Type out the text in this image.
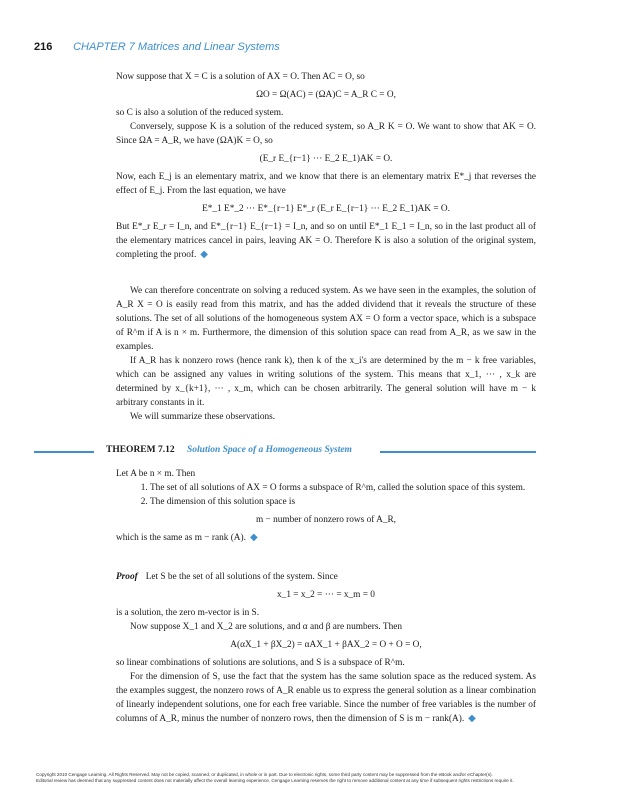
216 CHAPTER 7 Matrices and Linear Systems

Now suppose that X = C is a solution of AX = O. Then AC = O, so

ΩO = Ω(AC) = (ΩA)C = A_R C = O,

so C is also a solution of the reduced system.

Conversely, suppose K is a solution of the reduced system, so A_R K = O. We want to show that AK = O. Since ΩA = A_R, we have (ΩA)K = O, so

(E_r E_{r−1} ··· E_2 E_1)AK = O.

Now, each E_j is an elementary matrix, and we know that there is an elementary matrix E*_j that reverses the effect of E_j. From the last equation, we have

E*_1 E*_2 ··· E*_{r−1} E*_r (E_r E_{r−1} ··· E_2 E_1)AK = O.

But E*_r E_r = I_n, and E*_{r−1} E_{r−1} = I_n, and so on until E*_1 E_1 = I_n, so in the last product all of the elementary matrices cancel in pairs, leaving AK = O. Therefore K is also a solution of the original system, completing the proof. ◆

We can therefore concentrate on solving a reduced system. As we have seen in the examples, the solution of A_R X = O is easily read from this matrix, and has the added dividend that it reveals the structure of these solutions. The set of all solutions of the homogeneous system AX = O form a vector space, which is a subspace of R^m if A is n × m. Furthermore, the dimension of this solution space can read from A_R, as we saw in the examples.

If A_R has k nonzero rows (hence rank k), then k of the x_i's are determined by the m − k free variables, which can be assigned any values in writing solutions of the system. This means that x_1, ··· , x_k are determined by x_{k+1}, ··· , x_m, which can be chosen arbitrarily. The general solution will have m − k arbitrary constants in it.

We will summarize these observations.

THEOREM 7.12 Solution Space of a Homogeneous System

Let A be n × m. Then

1. The set of all solutions of AX = O forms a subspace of R^m, called the solution space of this system.
2. The dimension of this solution space is
m − number of nonzero rows of A_R,

which is the same as m − rank (A). ◆

Proof Let S be the set of all solutions of the system. Since

x_1 = x_2 = ··· = x_m = 0

is a solution, the zero m-vector is in S.

Now suppose X_1 and X_2 are solutions, and α and β are numbers. Then

A(αX_1 + βX_2) = αAX_1 + βAX_2 = O + O = O,

so linear combinations of solutions are solutions, and S is a subspace of R^m.

For the dimension of S, use the fact that the system has the same solution space as the reduced system. As the examples suggest, the nonzero rows of A_R enable us to express the general solution as a linear combination of linearly independent solutions, one for each free variable. Since the number of free variables is the number of columns of A_R, minus the number of nonzero rows, then the dimension of S is m − rank(A). ◆

Copyright 2010 Cengage Learning. All Rights Reserved. May not be copied, scanned, or duplicated, in whole or in part. Due to electronic rights, some third party content may be suppressed from the eBook and/or eChapter(s).
Editorial review has deemed that any suppressed content does not materially affect the overall learning experience. Cengage Learning reserves the right to remove additional content at any time if subsequent rights restrictions require it.
